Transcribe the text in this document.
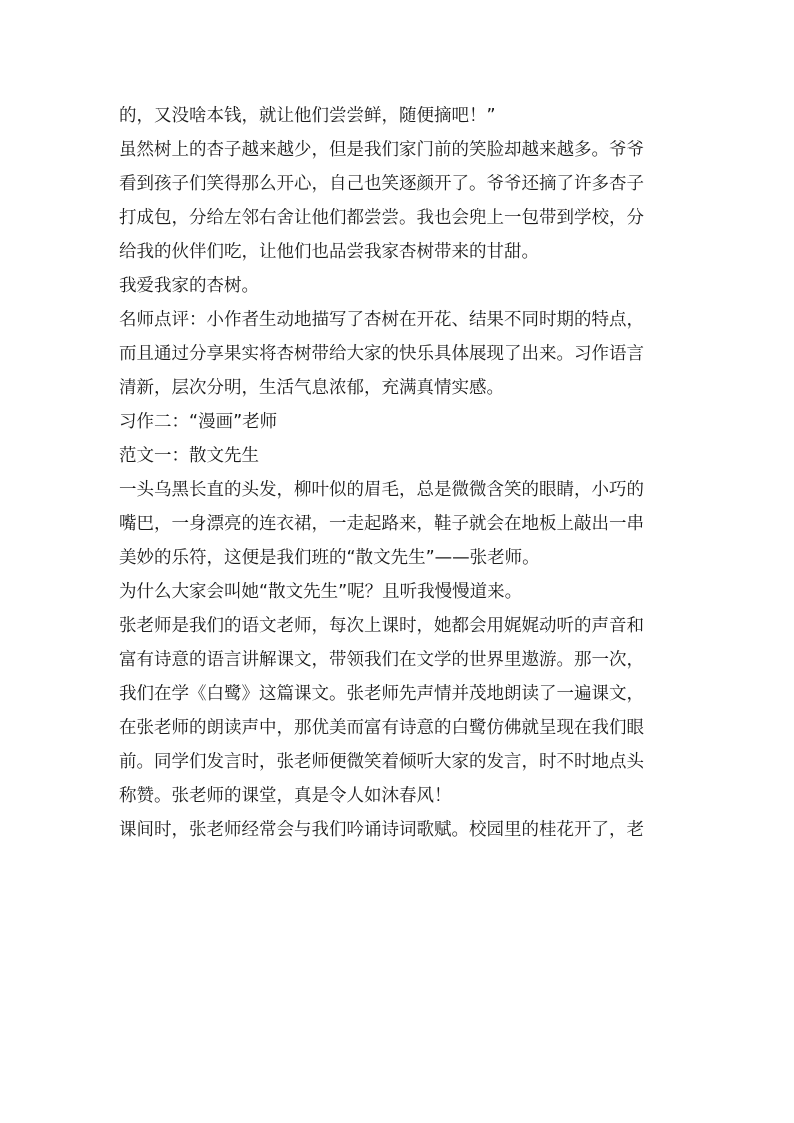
的，又没啥本钱，就让他们尝尝鲜，随便摘吧！”
虽然树上的杏子越来越少，但是我们家门前的笑脸却越来越多。爷爷
看到孩子们笑得那么开心，自己也笑逐颜开了。爷爷还摘了许多杏子
打成包，分给左邻右舍让他们都尝尝。我也会兜上一包带到学校，分
给我的伙伴们吃，让他们也品尝我家杏树带来的甘甜。
我爱我家的杏树。
名师点评：小作者生动地描写了杏树在开花、结果不同时期的特点，
而且通过分享果实将杏树带给大家的快乐具体展现了出来。习作语言
清新，层次分明，生活气息浓郁，充满真情实感。
习作二：“漫画”老师
范文一：散文先生
一头乌黑长直的头发，柳叶似的眉毛，总是微微含笑的眼睛，小巧的
嘴巴，一身漂亮的连衣裙，一走起路来，鞋子就会在地板上敲出一串
美妙的乐符，这便是我们班的“散文先生”——张老师。
为什么大家会叫她“散文先生”呢？且听我慢慢道来。
张老师是我们的语文老师，每次上课时，她都会用娓娓动听的声音和
富有诗意的语言讲解课文，带领我们在文学的世界里遨游。那一次，
我们在学《白鹭》这篇课文。张老师先声情并茂地朗读了一遍课文，
在张老师的朗读声中，那优美而富有诗意的白鹭仿佛就呈现在我们眼
前。同学们发言时，张老师便微笑着倾听大家的发言，时不时地点头
称赞。张老师的课堂，真是令人如沐春风！
课间时，张老师经常会与我们吟诵诗词歌赋。校园里的桂花开了，老
